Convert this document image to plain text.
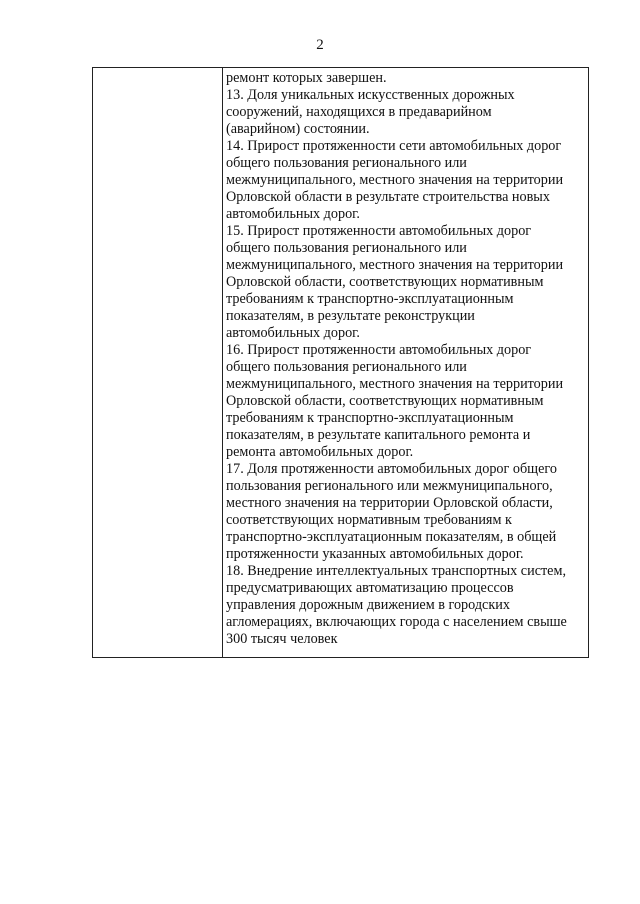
2
ремонт которых завершен.
13. Доля уникальных искусственных дорожных
сооружений, находящихся в предаварийном
(аварийном) состоянии.
14. Прирост протяженности сети автомобильных дорог
общего пользования регионального или
межмуниципального, местного значения на территории
Орловской области в результате строительства новых
автомобильных дорог.
15. Прирост протяженности автомобильных дорог
общего пользования регионального или
межмуниципального, местного значения на территории
Орловской области, соответствующих нормативным
требованиям к транспортно-эксплуатационным
показателям, в результате реконструкции
автомобильных дорог.
16. Прирост протяженности автомобильных дорог
общего пользования регионального или
межмуниципального, местного значения на территории
Орловской области, соответствующих нормативным
требованиям к транспортно-эксплуатационным
показателям, в результате капитального ремонта и
ремонта автомобильных дорог.
17. Доля протяженности автомобильных дорог общего
пользования регионального или межмуниципального,
местного значения на территории Орловской области,
соответствующих нормативным требованиям к
транспортно-эксплуатационным показателям, в общей
протяженности указанных автомобильных дорог.
18. Внедрение интеллектуальных транспортных систем,
предусматривающих автоматизацию процессов
управления дорожным движением в городских
агломерациях, включающих города с населением свыше
300 тысяч человек
